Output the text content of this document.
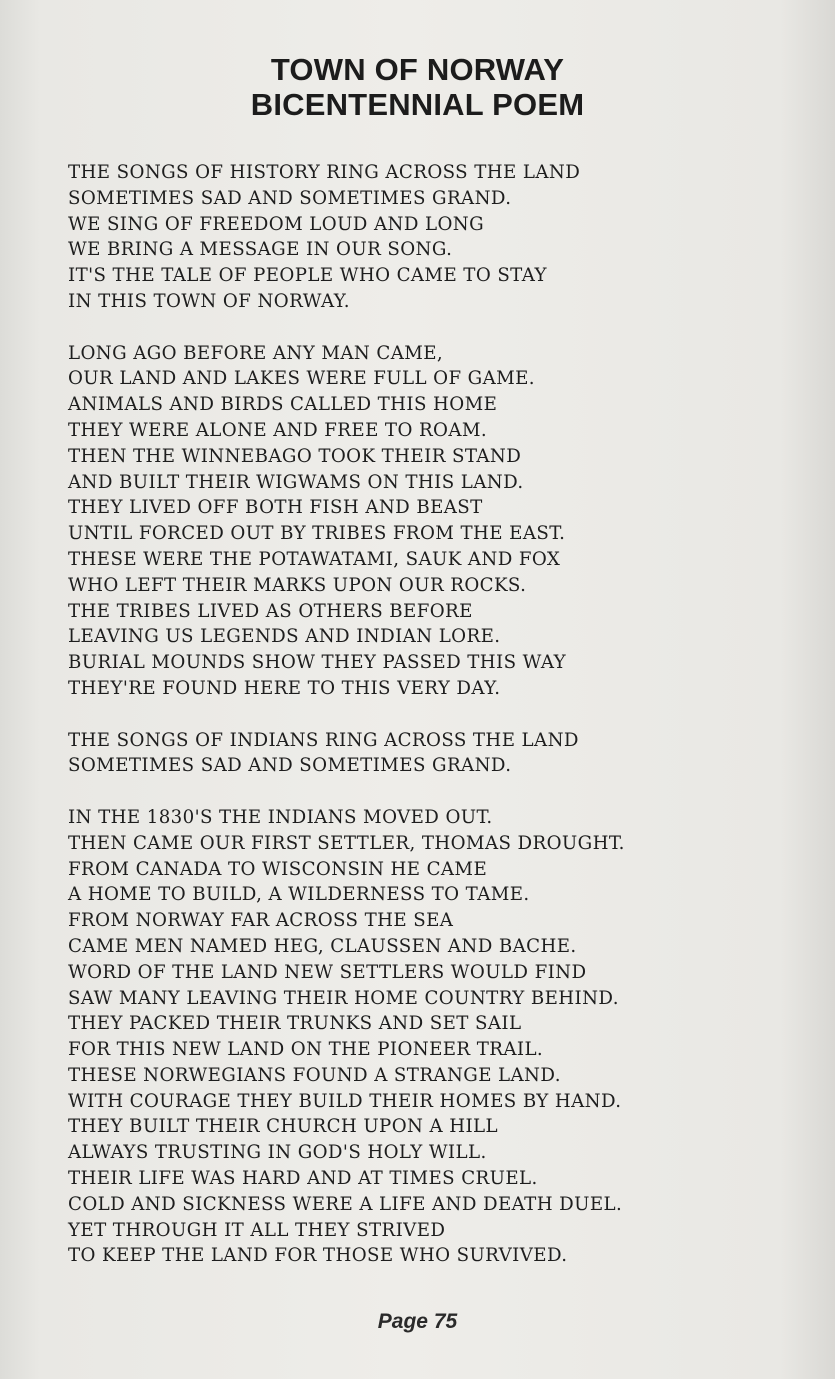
TOWN OF NORWAY
BICENTENNIAL POEM
THE SONGS OF HISTORY RING ACROSS THE LAND
SOMETIMES SAD AND SOMETIMES GRAND.
WE SING OF FREEDOM LOUD AND LONG
WE BRING A MESSAGE IN OUR SONG.
IT'S THE TALE OF PEOPLE WHO CAME TO STAY
IN THIS TOWN OF NORWAY.
LONG AGO BEFORE ANY MAN CAME,
OUR LAND AND LAKES WERE FULL OF GAME.
ANIMALS AND BIRDS CALLED THIS HOME
THEY WERE ALONE AND FREE TO ROAM.
THEN THE WINNEBAGO TOOK THEIR STAND
AND BUILT THEIR WIGWAMS ON THIS LAND.
THEY LIVED OFF BOTH FISH AND BEAST
UNTIL FORCED OUT BY TRIBES FROM THE EAST.
THESE WERE THE POTAWATAMI, SAUK AND FOX
WHO LEFT THEIR MARKS UPON OUR ROCKS.
THE TRIBES LIVED AS OTHERS BEFORE
LEAVING US LEGENDS AND INDIAN LORE.
BURIAL MOUNDS SHOW THEY PASSED THIS WAY
THEY'RE FOUND HERE TO THIS VERY DAY.
THE SONGS OF INDIANS RING ACROSS THE LAND
SOMETIMES SAD AND SOMETIMES GRAND.
IN THE 1830'S THE INDIANS MOVED OUT.
THEN CAME OUR FIRST SETTLER, THOMAS DROUGHT.
FROM CANADA TO WISCONSIN HE CAME
A HOME TO BUILD, A WILDERNESS TO TAME.
FROM NORWAY FAR ACROSS THE SEA
CAME MEN NAMED HEG, CLAUSSEN AND BACHE.
WORD OF THE LAND NEW SETTLERS WOULD FIND
SAW MANY LEAVING THEIR HOME COUNTRY BEHIND.
THEY PACKED THEIR TRUNKS AND SET SAIL
FOR THIS NEW LAND ON THE PIONEER TRAIL.
THESE NORWEGIANS FOUND A STRANGE LAND.
WITH COURAGE THEY BUILD THEIR HOMES BY HAND.
THEY BUILT THEIR CHURCH UPON A HILL
ALWAYS TRUSTING IN GOD'S HOLY WILL.
THEIR LIFE WAS HARD AND AT TIMES CRUEL.
COLD AND SICKNESS WERE A LIFE AND DEATH DUEL.
YET THROUGH IT ALL THEY STRIVED
TO KEEP THE LAND FOR THOSE WHO SURVIVED.
Page 75
